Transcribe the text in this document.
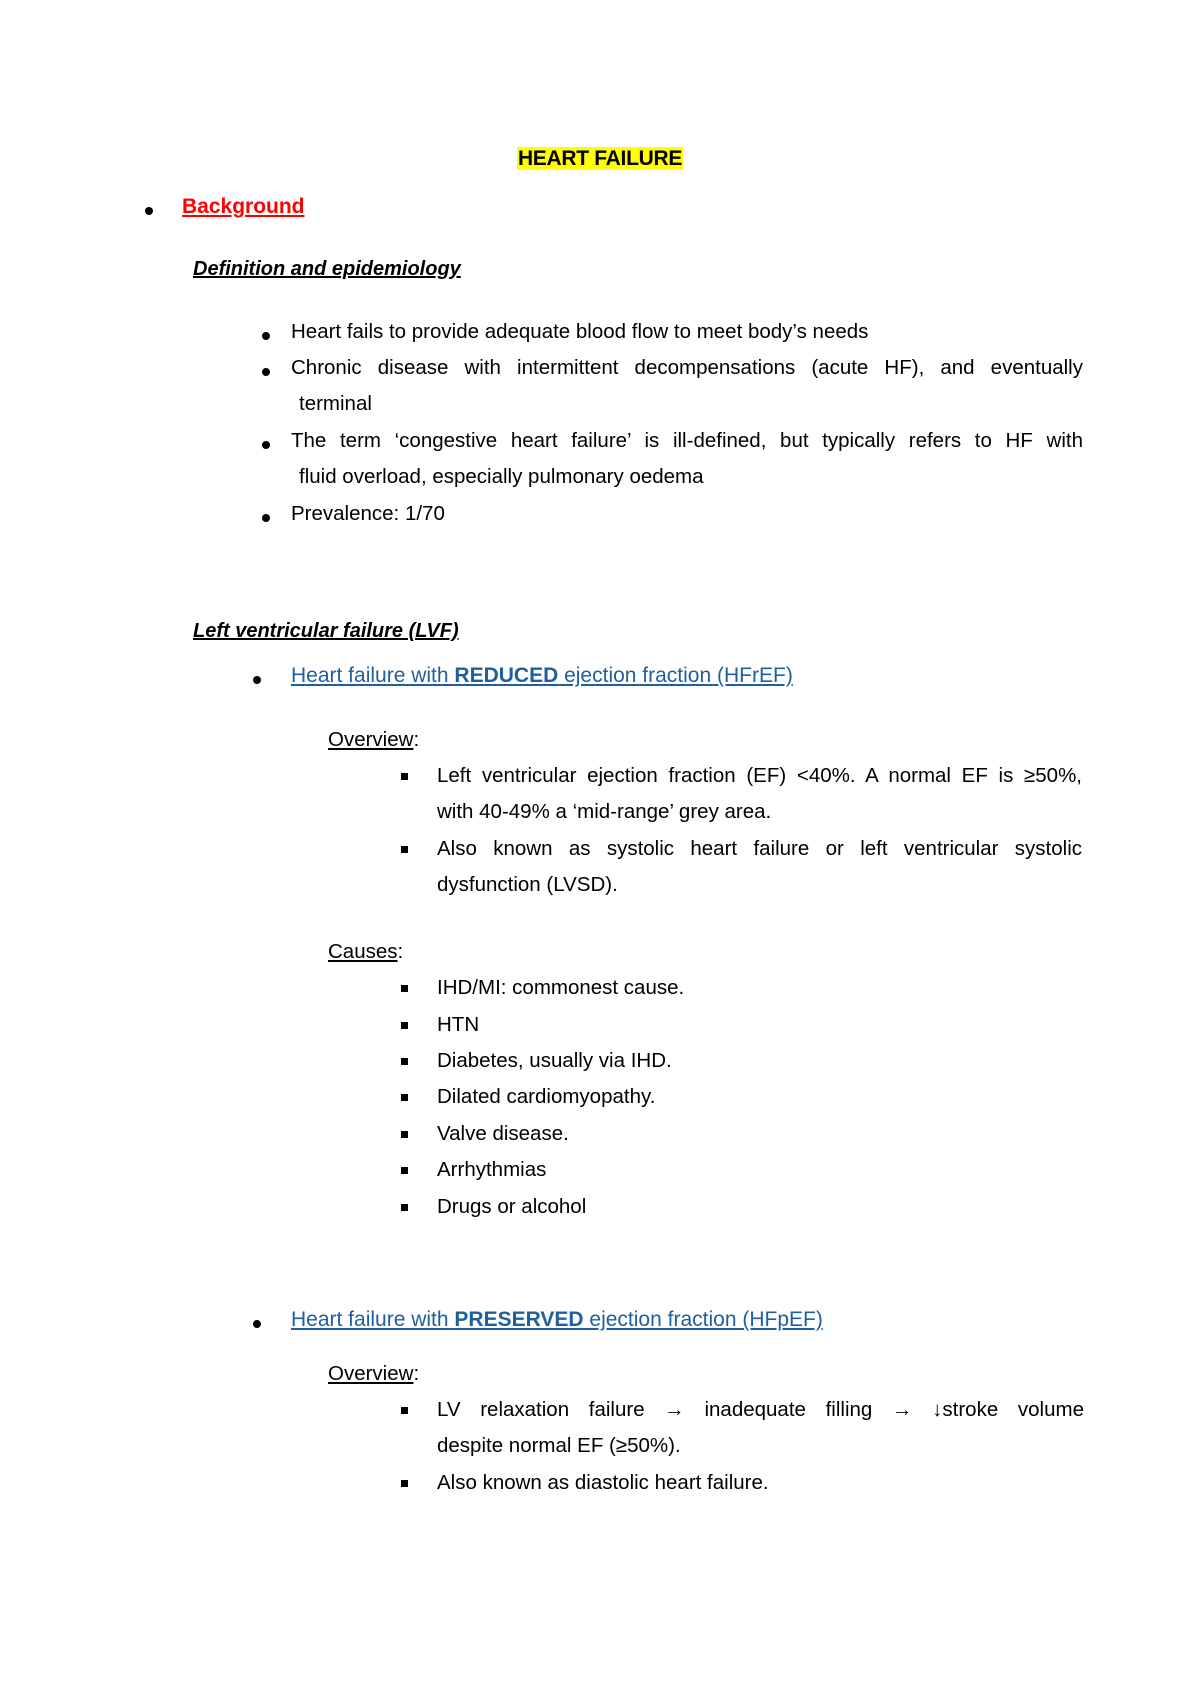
HEART FAILURE
Background
Definition and epidemiology
Heart fails to provide adequate blood flow to meet body’s needs
Chronic disease with intermittent decompensations (acute HF), and eventually
terminal
The term ‘congestive heart failure’ is ill-defined, but typically refers to HF with
fluid overload, especially pulmonary oedema
Prevalence: 1/70
Left ventricular failure (LVF)
Heart failure with REDUCED ejection fraction (HFrEF)
Overview:
Left ventricular ejection fraction (EF) <40%. A normal EF is ≥50%,
with 40-49% a ‘mid-range’ grey area.
Also known as systolic heart failure or left ventricular systolic
dysfunction (LVSD).
Causes:
IHD/MI: commonest cause.
HTN
Diabetes, usually via IHD.
Dilated cardiomyopathy.
Valve disease.
Arrhythmias
Drugs or alcohol
Heart failure with PRESERVED ejection fraction (HFpEF)
Overview:
LV relaxation failure → inadequate filling → ↓stroke volume
despite normal EF (≥50%).
Also known as diastolic heart failure.
